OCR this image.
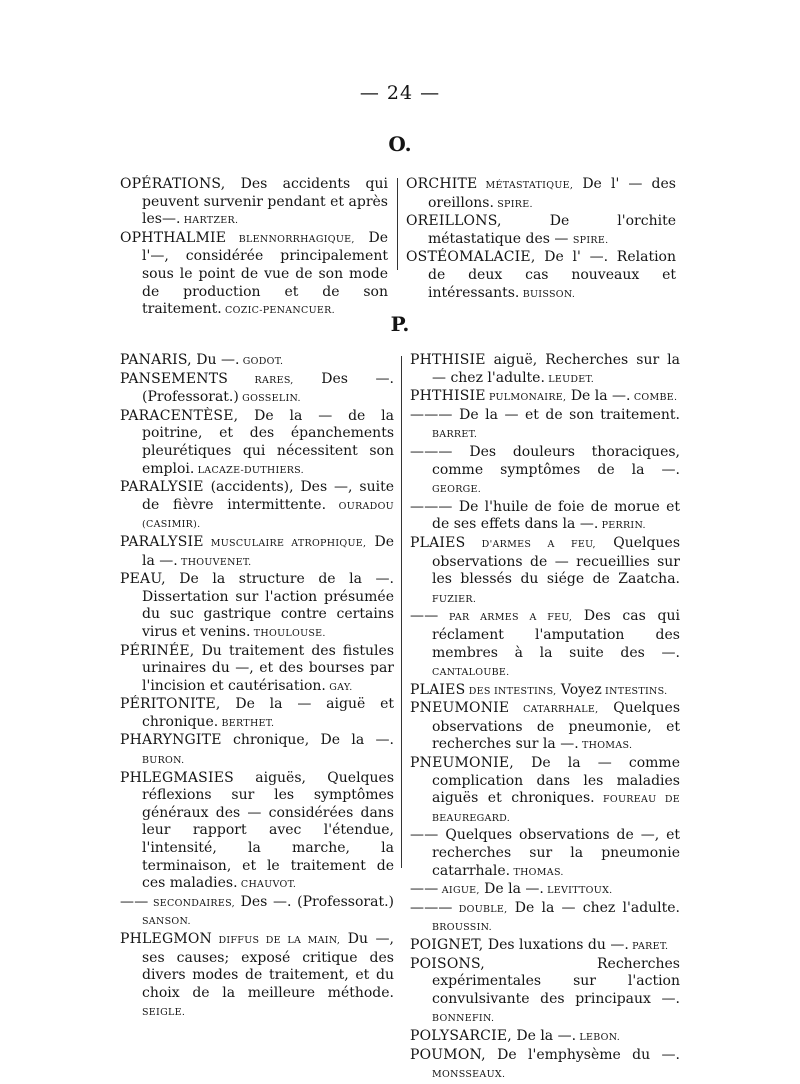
— 24 —
O.

OPÉRATIONS, Des accidents qui peuvent survenir pendant et après les—. HARTZER.

OPHTHALMIE BLENNORRHAGIQUE, De l'—, considérée principalement sous le point de vue de son mode de production et de son traitement. COZIC-PENANCUER.

ORCHITE MÉTASTATIQUE, De l' — des oreillons. SPIRE.

OREILLONS, De l'orchite métastatique des — SPIRE.

OSTÉOMALACIE, De l' —. Relation de deux cas nouveaux et intéressants. BUISSON.

P.

PANARIS, Du —. GODOT.

PANSEMENTS RARES, Des —. (Professorat.) GOSSELIN.

PARACENTÈSE, De la — de la poitrine, et des épanchements pleurétiques qui nécessitent son emploi. LACAZE-DUTHIERS.

PARALYSIE (accidents), Des —, suite de fièvre intermittente. OURADOU (CASIMIR).

PARALYSIE MUSCULAIRE ATROPHIQUE, De la —. THOUVENET.

PEAU, De la structure de la —. Dissertation sur l'action présumée du suc gastrique contre certains virus et venins. THOULOUSE.

PÉRINÉE, Du traitement des fistules urinaires du —, et des bourses par l'incision et cautérisation. GAY.

PÉRITONITE, De la — aiguë et chronique. BERTHET.

PHARYNGITE chronique, De la —. BURON.

PHLEGMASIES aiguës, Quelques réflexions sur les symptômes généraux des — considérées dans leur rapport avec l'étendue, l'intensité, la marche, la terminaison, et le traitement de ces maladies. CHAUVOT.

—— SECONDAIRES, Des —. (Professorat.) SANSON.

PHLEGMON DIFFUS DE LA MAIN, Du —, ses causes; exposé critique des divers modes de traitement, et du choix de la meilleure méthode. SEIGLE.

PHTHISIE aiguë, Recherches sur la — chez l'adulte. LEUDET.

PHTHISIE PULMONAIRE, De la —. COMBE.

——— De la — et de son traitement. BARRET.

——— Des douleurs thoraciques, comme symptômes de la —. GEORGE.

——— De l'huile de foie de morue et de ses effets dans la —. PERRIN.

PLAIES D'ARMES A FEU, Quelques observations de — recueillies sur les blessés du siége de Zaatcha. FUZIER.

—— PAR ARMES A FEU, Des cas qui réclament l'amputation des membres à la suite des —. CANTALOUBE.

PLAIES DES INTESTINS, Voyez INTESTINS.

PNEUMONIE CATARRHALE, Quelques observations de pneumonie, et recherches sur la —. THOMAS.

PNEUMONIE, De la — comme complication dans les maladies aiguës et chroniques. FOUREAU DE BEAUREGARD.

—— Quelques observations de —, et recherches sur la pneumonie catarrhale. THOMAS.

—— AIGUE, De la —. LEVITTOUX.

——— DOUBLE, De la — chez l'adulte. BROUSSIN.

POIGNET, Des luxations du —. PARET.

POISONS, Recherches expérimentales sur l'action convulsivante des principaux —. BONNEFIN.

POLYSARCIE, De la —. LEBON.

POUMON, De l'emphysème du —. MONSSEAUX.
